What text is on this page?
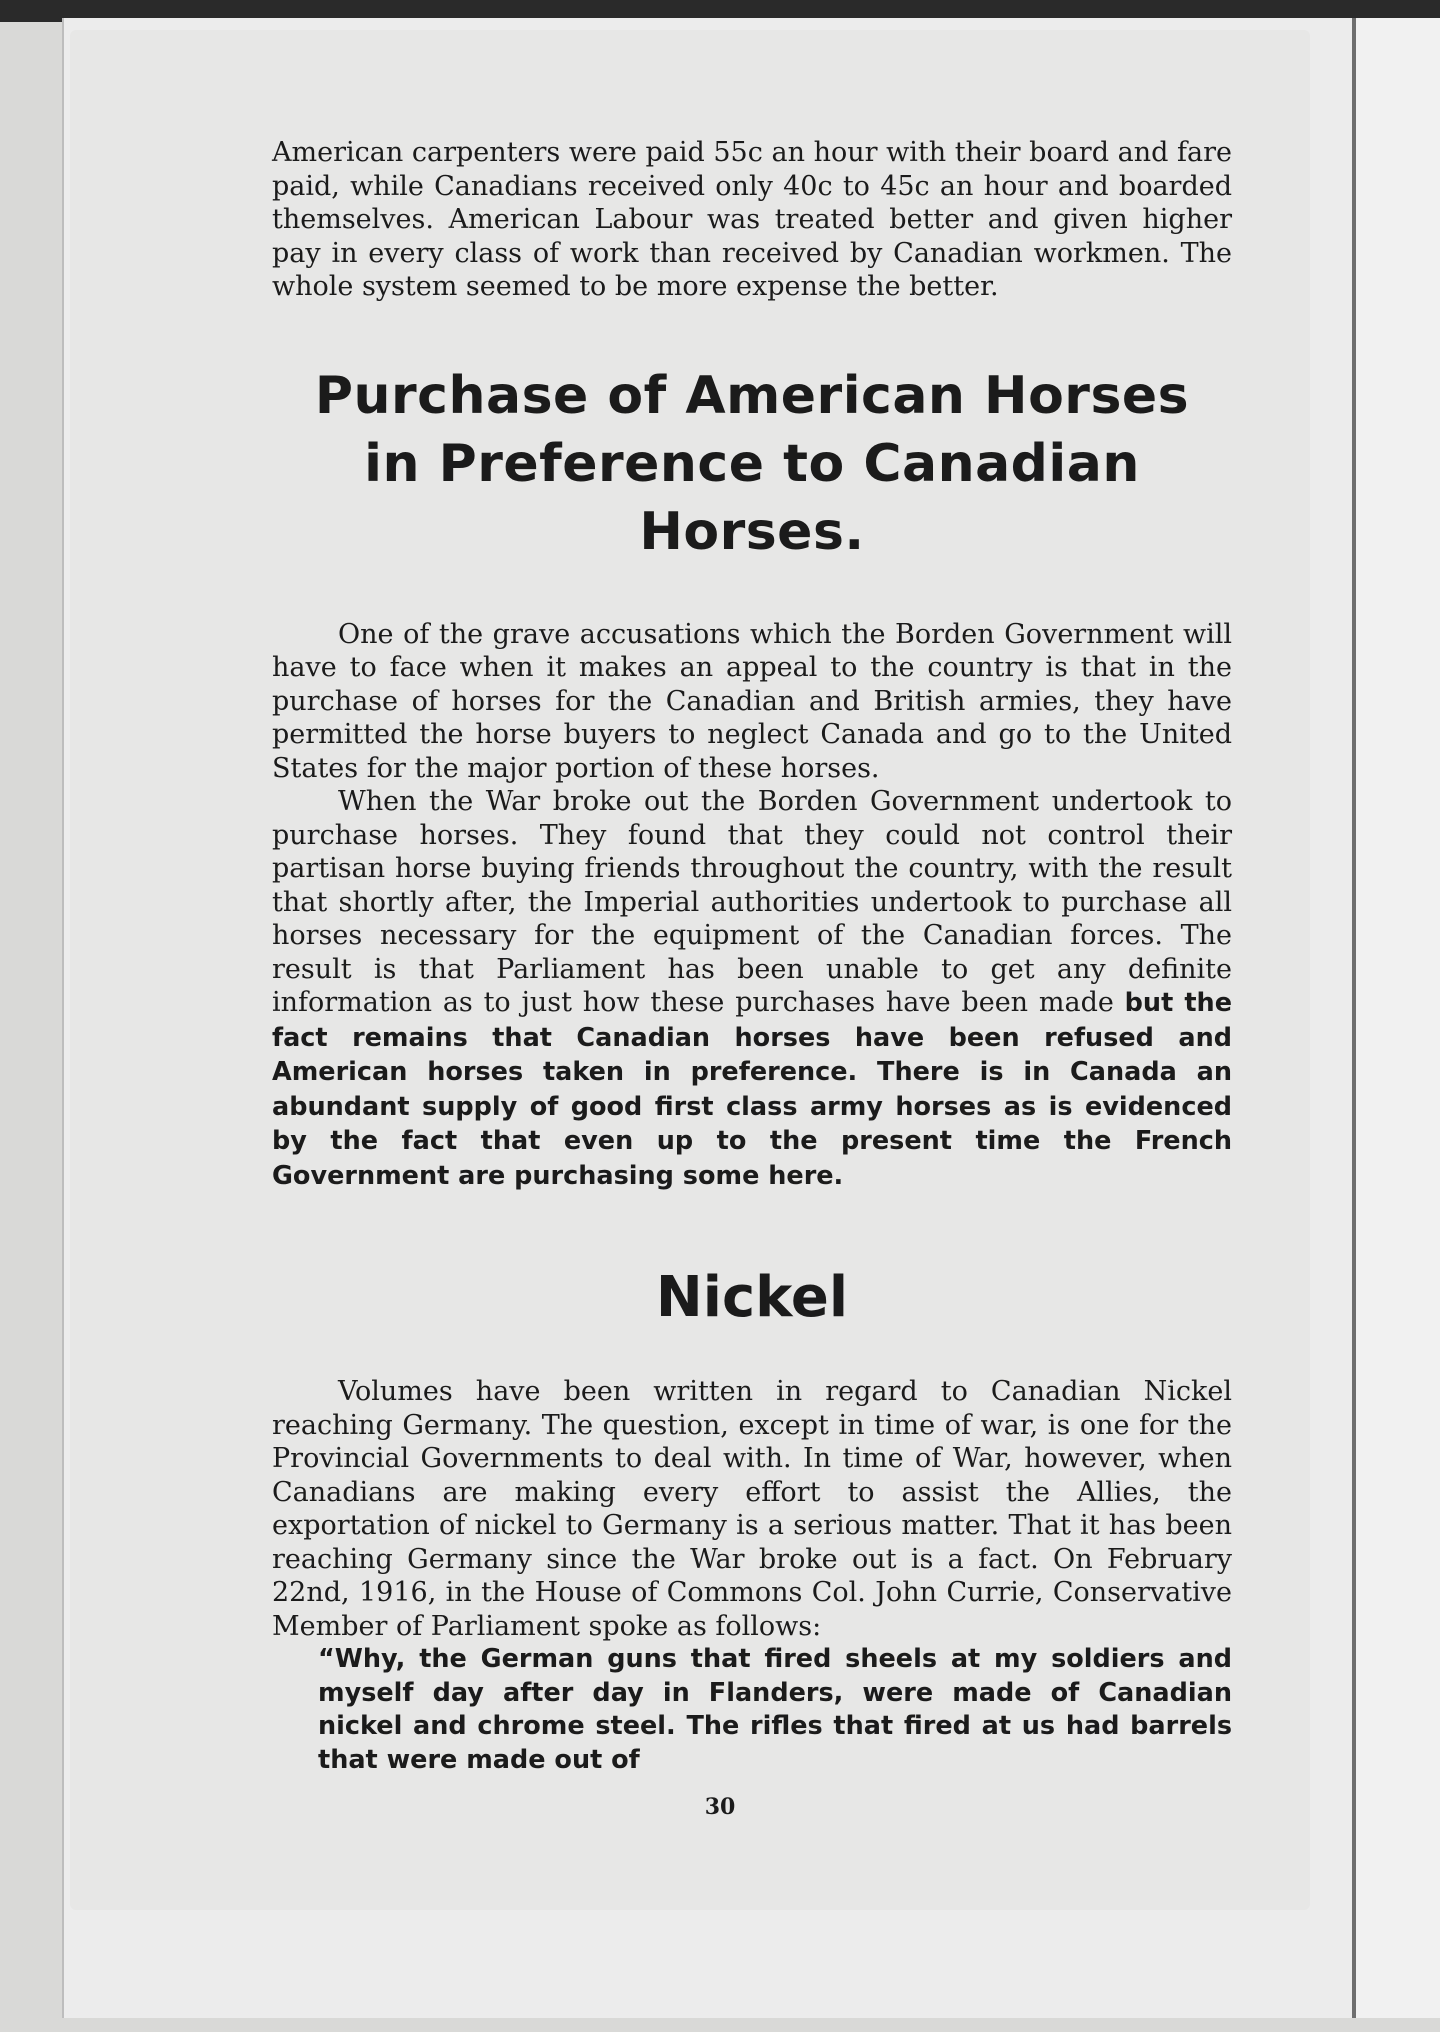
American carpenters were paid 55c an hour with their board and fare paid, while Canadians received only 40c to 45c an hour and boarded themselves. American Labour was treated better and given higher pay in every class of work than received by Canadian workmen. The whole system seemed to be more expense the better.

Purchase of American Horses
in Preference to Canadian
Horses.

One of the grave accusations which the Borden Government will have to face when it makes an appeal to the country is that in the purchase of horses for the Canadian and British armies, they have permitted the horse buyers to neglect Canada and go to the United States for the major portion of these horses.

When the War broke out the Borden Government undertook to purchase horses. They found that they could not control their partisan horse buying friends throughout the country, with the result that shortly after, the Imperial authorities undertook to purchase all horses necessary for the equipment of the Canadian forces. The result is that Parliament has been unable to get any definite information as to just how these purchases have been made but the fact remains that Canadian horses have been refused and American horses taken in preference. There is in Canada an abundant supply of good first class army horses as is evidenced by the fact that even up to the present time the French Government are purchasing some here.

Nickel

Volumes have been written in regard to Canadian Nickel reaching Germany. The question, except in time of war, is one for the Provincial Governments to deal with. In time of War, however, when Canadians are making every effort to assist the Allies, the exportation of nickel to Germany is a serious matter. That it has been reaching Germany since the War broke out is a fact. On February 22nd, 1916, in the House of Commons Col. John Currie, Conservative Member of Parliament spoke as follows:

“Why, the German guns that fired sheels at my soldiers and myself day after day in Flanders, were made of Canadian nickel and chrome steel. The rifles that fired at us had barrels that were made out of

30
